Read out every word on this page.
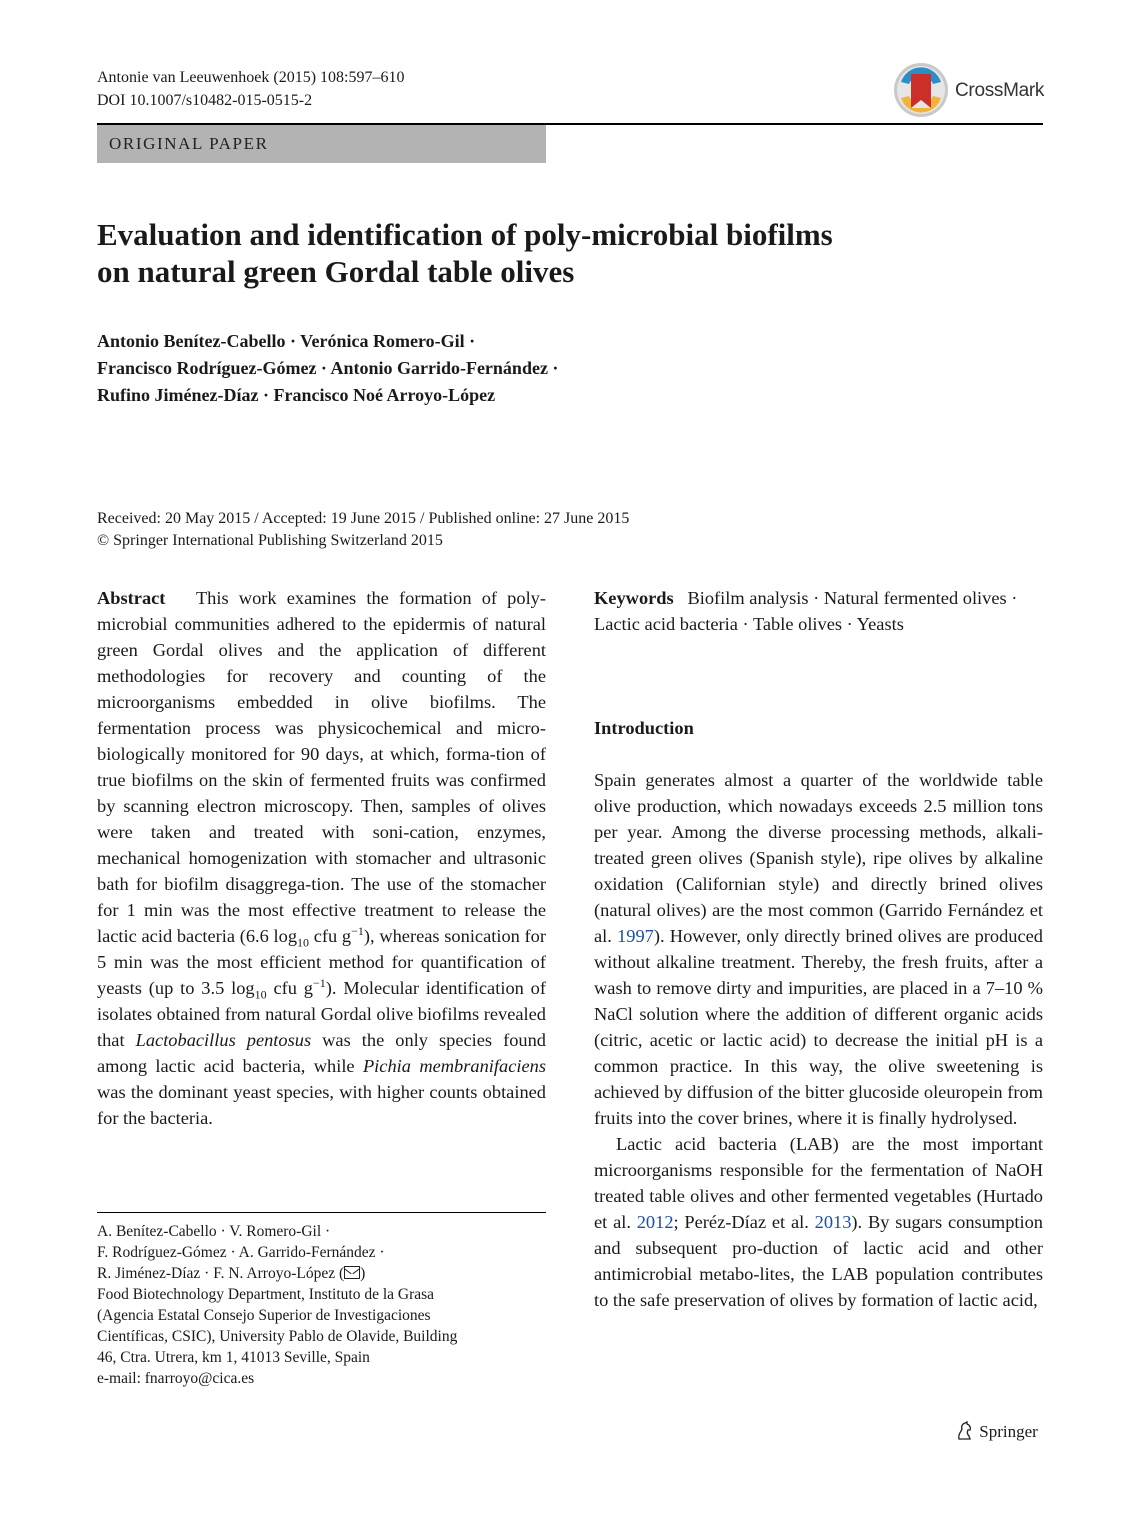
Antonie van Leeuwenhoek (2015) 108:597–610
DOI 10.1007/s10482-015-0515-2	CrossMark
ORIGINAL PAPER
Evaluation and identification of poly-microbial biofilms
on natural green Gordal table olives
Antonio Benítez-Cabello · Verónica Romero-Gil ·
Francisco Rodríguez-Gómez · Antonio Garrido-Fernández ·
Rufino Jiménez-Díaz · Francisco Noé Arroyo-López
Received: 20 May 2015 / Accepted: 19 June 2015 / Published online: 27 June 2015
© Springer International Publishing Switzerland 2015

Abstract This work examines the formation of poly-microbial communities adhered to the epidermis of natural green Gordal olives and the application of different methodologies for recovery and counting of the microorganisms embedded in olive biofilms. The fermentation process was physicochemical and micro-biologically monitored for 90 days, at which, forma-tion of true biofilms on the skin of fermented fruits was confirmed by scanning electron microscopy. Then, samples of olives were taken and treated with soni-cation, enzymes, mechanical homogenization with stomacher and ultrasonic bath for biofilm disaggrega-tion. The use of the stomacher for 1 min was the most effective treatment to release the lactic acid bacteria (6.6 $\log_{10}$ cfu $g^{-1}$), whereas sonication for 5 min was the most efficient method for quantification of yeasts (up to 3.5 $\log_{10}$ cfu $g^{-1}$). Molecular identification of isolates obtained from natural Gordal olive biofilms revealed that Lactobacillus pentosus was the only species found among lactic acid bacteria, while Pichia membranifaciens was the dominant yeast species, with higher counts obtained for the bacteria.

A. Benítez-Cabello · V. Romero-Gil ·
F. Rodríguez-Gómez · A. Garrido-Fernández ·
R. Jiménez-Díaz · F. N. Arroyo-López ( )
Food Biotechnology Department, Instituto de la Grasa
(Agencia Estatal Consejo Superior de Investigaciones
Científicas, CSIC), University Pablo de Olavide, Building
46, Ctra. Utrera, km 1, 41013 Seville, Spain
e-mail: fnarroyo@cica.es

Keywords Biofilm analysis · Natural fermented olives · Lactic acid bacteria · Table olives · Yeasts

Introduction

Spain generates almost a quarter of the worldwide table olive production, which nowadays exceeds 2.5 million tons per year. Among the diverse processing methods, alkali-treated green olives (Spanish style), ripe olives by alkaline oxidation (Californian style) and directly brined olives (natural olives) are the most common (Garrido Fernández et al. 1997). However, only directly brined olives are produced without alkaline treatment. Thereby, the fresh fruits, after a wash to remove dirty and impurities, are placed in a 7–10 % NaCl solution where the addition of different organic acids (citric, acetic or lactic acid) to decrease the initial pH is a common practice. In this way, the olive sweetening is achieved by diffusion of the bitter glucoside oleuropein from fruits into the cover brines, where it is finally hydrolysed.

Lactic acid bacteria (LAB) are the most important microorganisms responsible for the fermentation of NaOH treated table olives and other fermented vegetables (Hurtado et al. 2012; Peréz-Díaz et al. 2013). By sugars consumption and subsequent pro-duction of lactic acid and other antimicrobial metabo-lites, the LAB population contributes to the safe preservation of olives by formation of lactic acid,

Springer
